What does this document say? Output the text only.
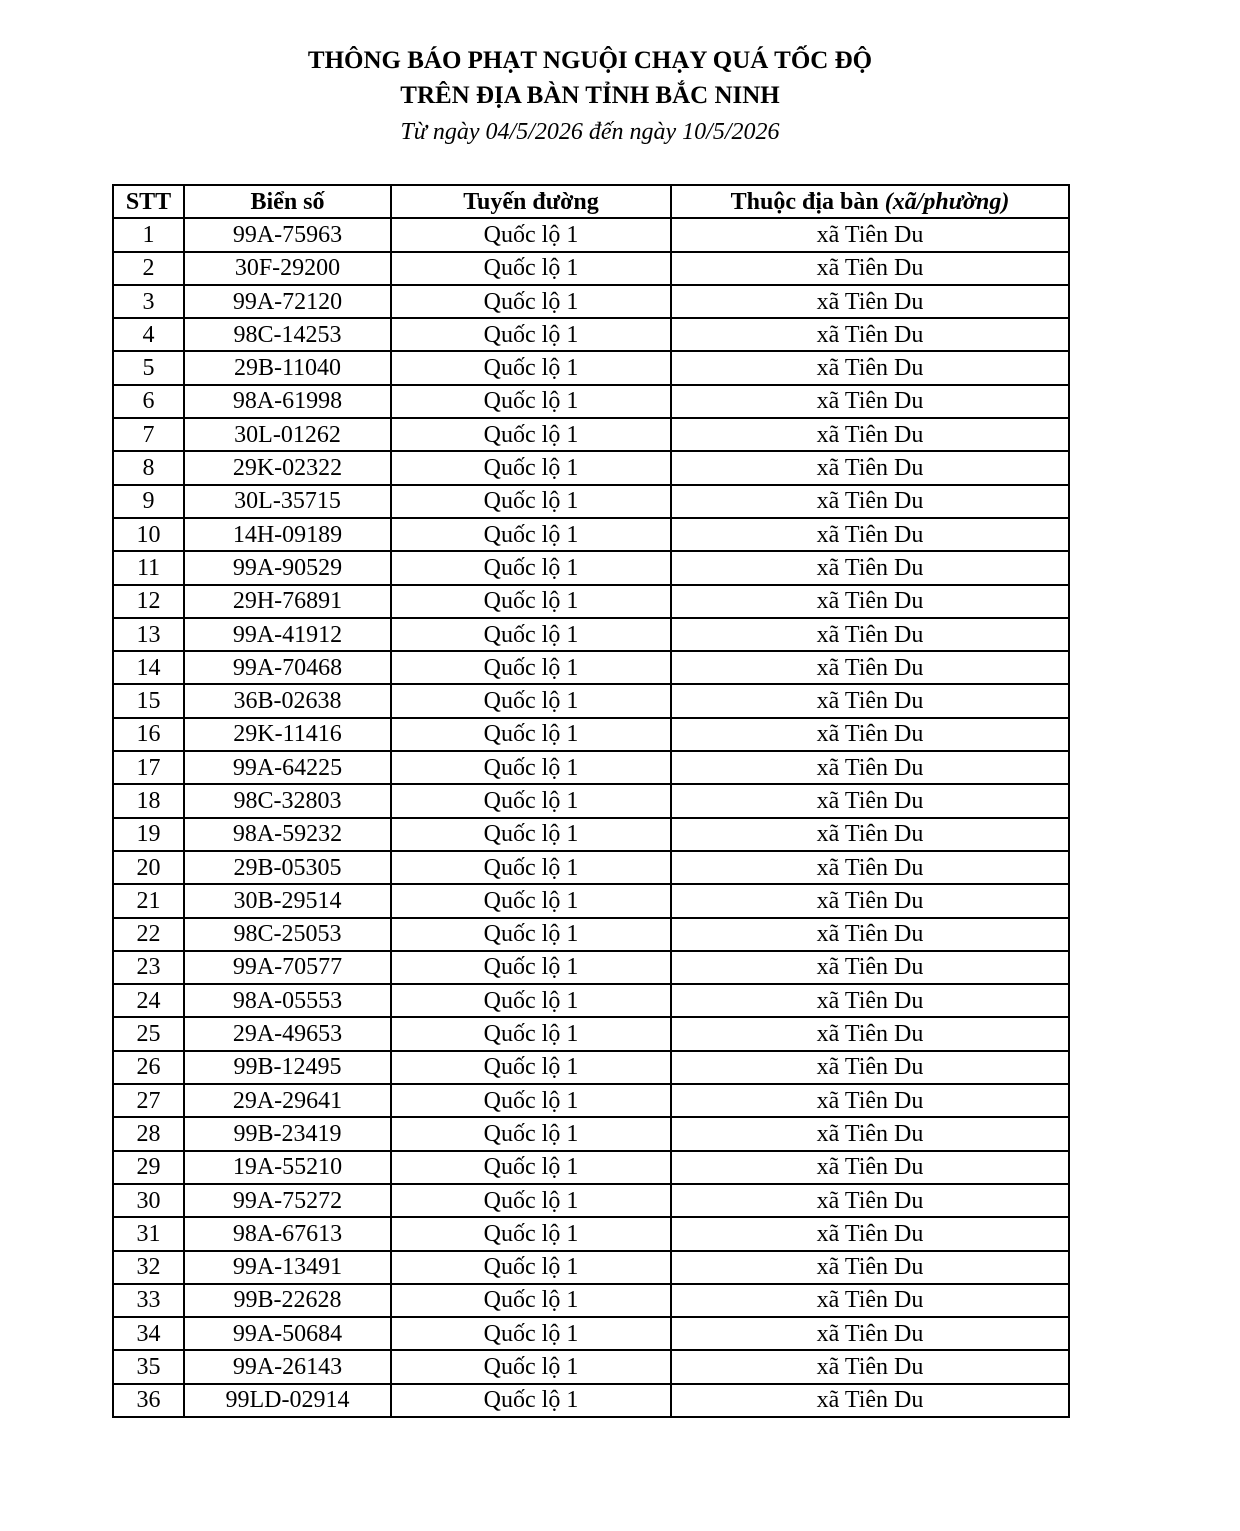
THÔNG BÁO PHẠT NGUỘI CHẠY QUÁ TỐC ĐỘ
TRÊN ĐỊA BÀN TỈNH BẮC NINH
Từ ngày 04/5/2026 đến ngày 10/5/2026
STT	Biển số	Tuyến đường	Thuộc địa bàn (xã/phường)
1	99A-75963	Quốc lộ 1	xã Tiên Du
2	30F-29200	Quốc lộ 1	xã Tiên Du
3	99A-72120	Quốc lộ 1	xã Tiên Du
4	98C-14253	Quốc lộ 1	xã Tiên Du
5	29B-11040	Quốc lộ 1	xã Tiên Du
6	98A-61998	Quốc lộ 1	xã Tiên Du
7	30L-01262	Quốc lộ 1	xã Tiên Du
8	29K-02322	Quốc lộ 1	xã Tiên Du
9	30L-35715	Quốc lộ 1	xã Tiên Du
10	14H-09189	Quốc lộ 1	xã Tiên Du
11	99A-90529	Quốc lộ 1	xã Tiên Du
12	29H-76891	Quốc lộ 1	xã Tiên Du
13	99A-41912	Quốc lộ 1	xã Tiên Du
14	99A-70468	Quốc lộ 1	xã Tiên Du
15	36B-02638	Quốc lộ 1	xã Tiên Du
16	29K-11416	Quốc lộ 1	xã Tiên Du
17	99A-64225	Quốc lộ 1	xã Tiên Du
18	98C-32803	Quốc lộ 1	xã Tiên Du
19	98A-59232	Quốc lộ 1	xã Tiên Du
20	29B-05305	Quốc lộ 1	xã Tiên Du
21	30B-29514	Quốc lộ 1	xã Tiên Du
22	98C-25053	Quốc lộ 1	xã Tiên Du
23	99A-70577	Quốc lộ 1	xã Tiên Du
24	98A-05553	Quốc lộ 1	xã Tiên Du
25	29A-49653	Quốc lộ 1	xã Tiên Du
26	99B-12495	Quốc lộ 1	xã Tiên Du
27	29A-29641	Quốc lộ 1	xã Tiên Du
28	99B-23419	Quốc lộ 1	xã Tiên Du
29	19A-55210	Quốc lộ 1	xã Tiên Du
30	99A-75272	Quốc lộ 1	xã Tiên Du
31	98A-67613	Quốc lộ 1	xã Tiên Du
32	99A-13491	Quốc lộ 1	xã Tiên Du
33	99B-22628	Quốc lộ 1	xã Tiên Du
34	99A-50684	Quốc lộ 1	xã Tiên Du
35	99A-26143	Quốc lộ 1	xã Tiên Du
36	99LD-02914	Quốc lộ 1	xã Tiên Du
